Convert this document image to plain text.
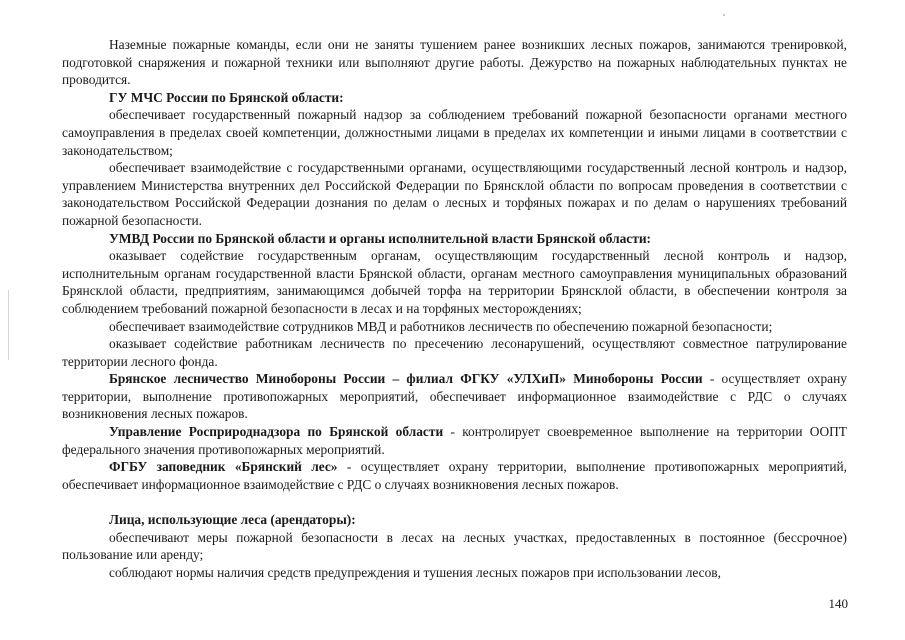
Наземные пожарные команды, если они не заняты тушением ранее возникших лесных пожаров, занимаются тренировкой, подготовкой снаряжения и пожарной техники или выполняют другие работы. Дежурство на пожарных наблюдательных пунктах не проводится.

ГУ МЧС России по Брянской области:

обеспечивает государственный пожарный надзор за соблюдением требований пожарной безопасности органами местного самоуправления в пределах своей компетенции, должностными лицами в пределах их компетенции и иными лицами в соответствии с законодательством;

обеспечивает взаимодействие с государственными органами, осуществляющими государственный лесной контроль и надзор, управлением Министерства внутренних дел Российской Федерации по Брянсклой области по вопросам проведения в соответствии с законодательством Российской Федерации дознания по делам о лесных и торфяных пожарах и по делам о нарушениях требований пожарной безопасности.

УМВД России по Брянской области и органы исполнительной власти Брянской области:

оказывает содействие государственным органам, осуществляющим государственный лесной контроль и надзор, исполнительным органам государственной власти Брянской области, органам местного самоуправления муниципальных образований Брянсклой области, предприятиям, занимающимся добычей торфа на территории Брянсклой области, в обеспечении контроля за соблюдением требований пожарной безопасности в лесах и на торфяных месторождениях;

обеспечивает взаимодействие сотрудников МВД и работников лесничеств по обеспечению пожарной безопасности;

оказывает содействие работникам лесничеств по пресечению лесонарушений, осуществляют совместное патрулирование территории лесного фонда.

Брянское лесничество Минобороны России – филиал ФГКУ «УЛХиП» Минобороны России - осуществляет охрану территории, выполнение противопожарных мероприятий, обеспечивает информационное взаимодействие с РДС о случаях возникновения лесных пожаров.

Управление Росприроднадзора по Брянской области - контролирует своевременное выполнение на территории ООПТ федерального значения противопожарных мероприятий.

ФГБУ заповедник «Брянский лес» - осуществляет охрану территории, выполнение противопожарных мероприятий, обеспечивает информационное взаимодействие с РДС о случаях возникновения лесных пожаров.

Лица, использующие леса (арендаторы):

обеспечивают меры пожарной безопасности в лесах на лесных участках, предоставленных в постоянное (бессрочное) пользование или аренду;

соблюдают нормы наличия средств предупреждения и тушения лесных пожаров при использовании лесов,

140
